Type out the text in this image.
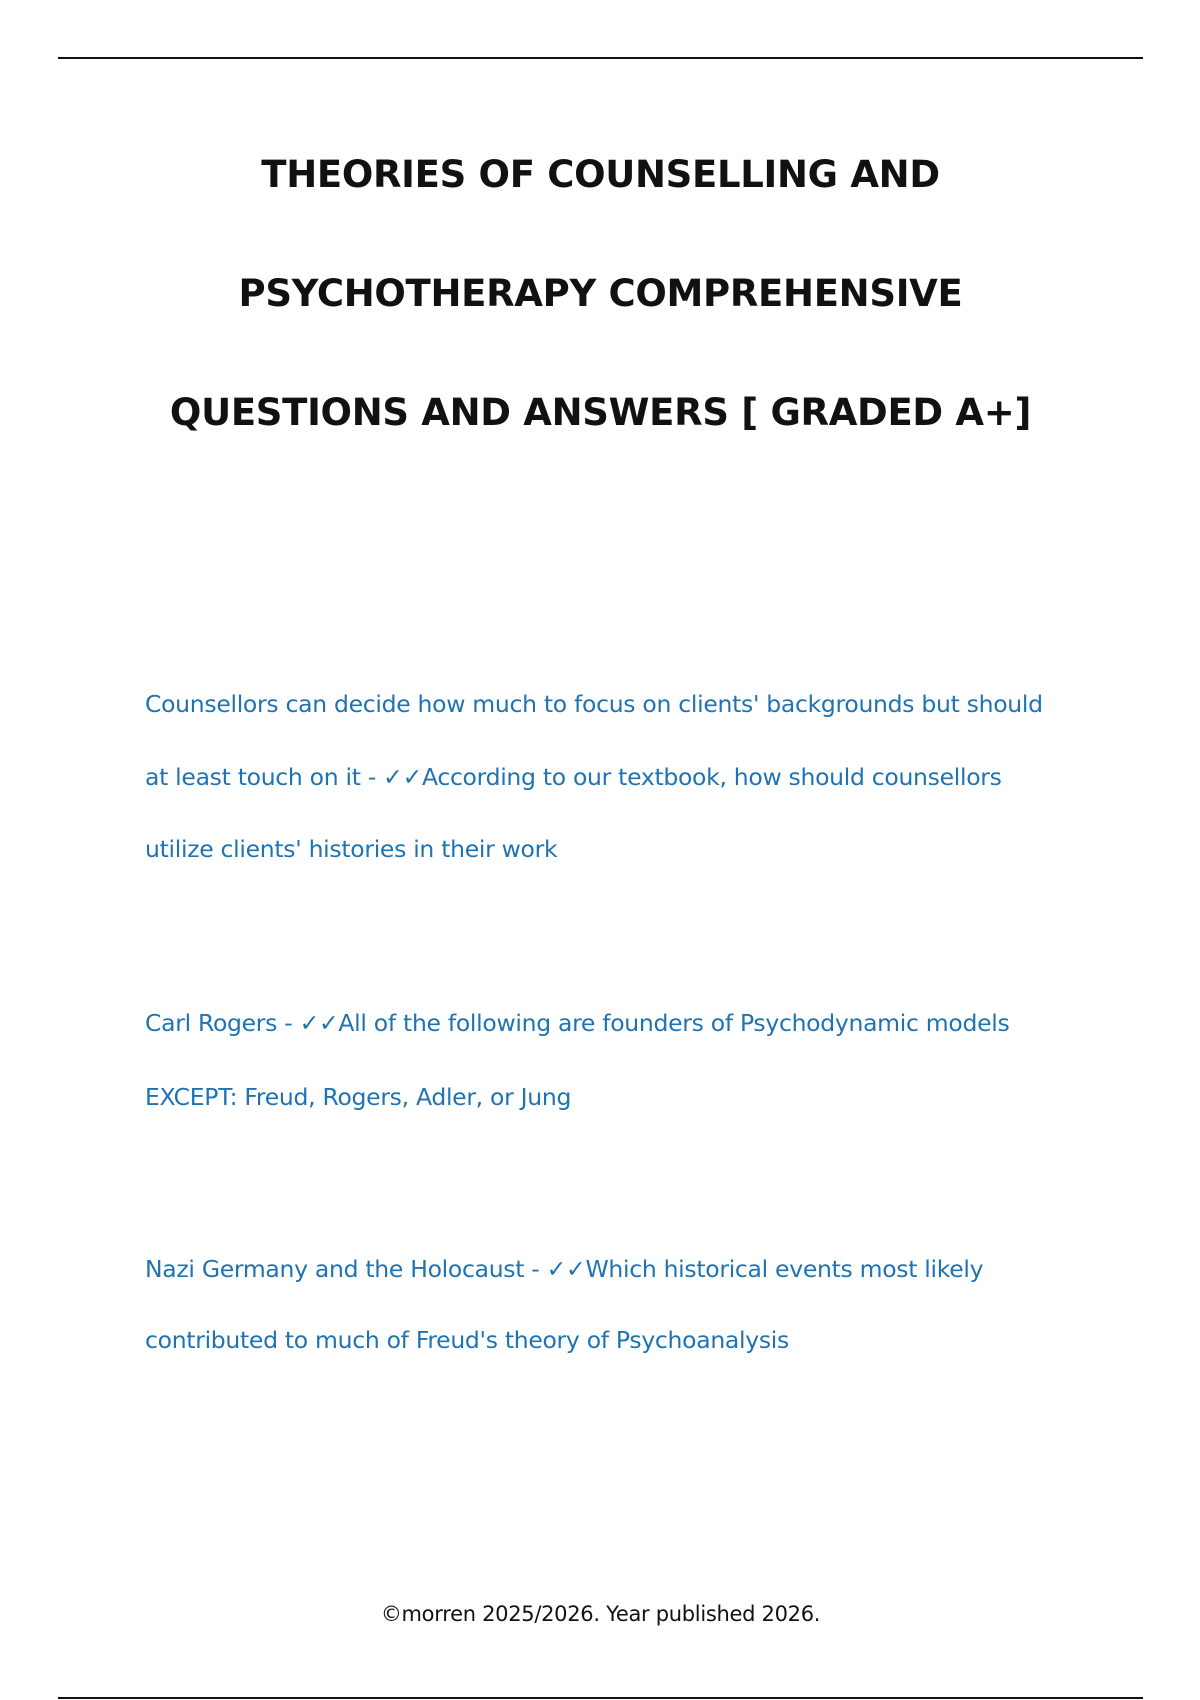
THEORIES OF COUNSELLING AND
PSYCHOTHERAPY COMPREHENSIVE
QUESTIONS AND ANSWERS [ GRADED A+]

Counsellors can decide how much to focus on clients' backgrounds but should
at least touch on it - ✓✓According to our textbook, how should counsellors
utilize clients' histories in their work

Carl Rogers - ✓✓All of the following are founders of Psychodynamic models
EXCEPT: Freud, Rogers, Adler, or Jung

Nazi Germany and the Holocaust - ✓✓Which historical events most likely
contributed to much of Freud's theory of Psychoanalysis

©morren 2025/2026. Year published 2026.
